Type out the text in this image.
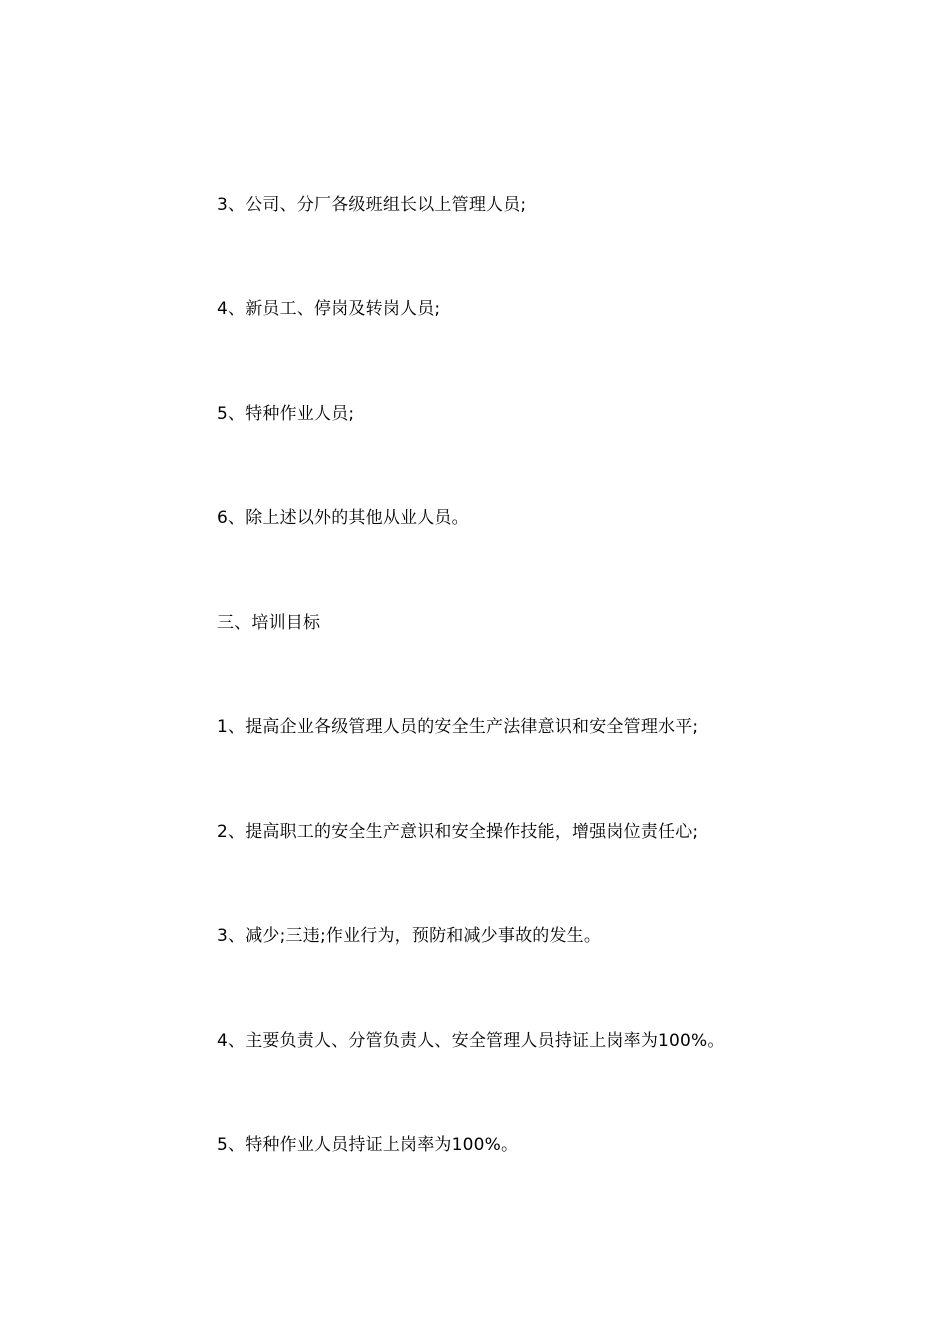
3、公司、分厂各级班组长以上管理人员;
4、新员工、停岗及转岗人员;
5、特种作业人员;
6、除上述以外的其他从业人员。
三、培训目标
1、提高企业各级管理人员的安全生产法律意识和安全管理水平;
2、提高职工的安全生产意识和安全操作技能，增强岗位责任心;
3、减少;三违;作业行为，预防和减少事故的发生。
4、主要负责人、分管负责人、安全管理人员持证上岗率为100%。
5、特种作业人员持证上岗率为100%。
